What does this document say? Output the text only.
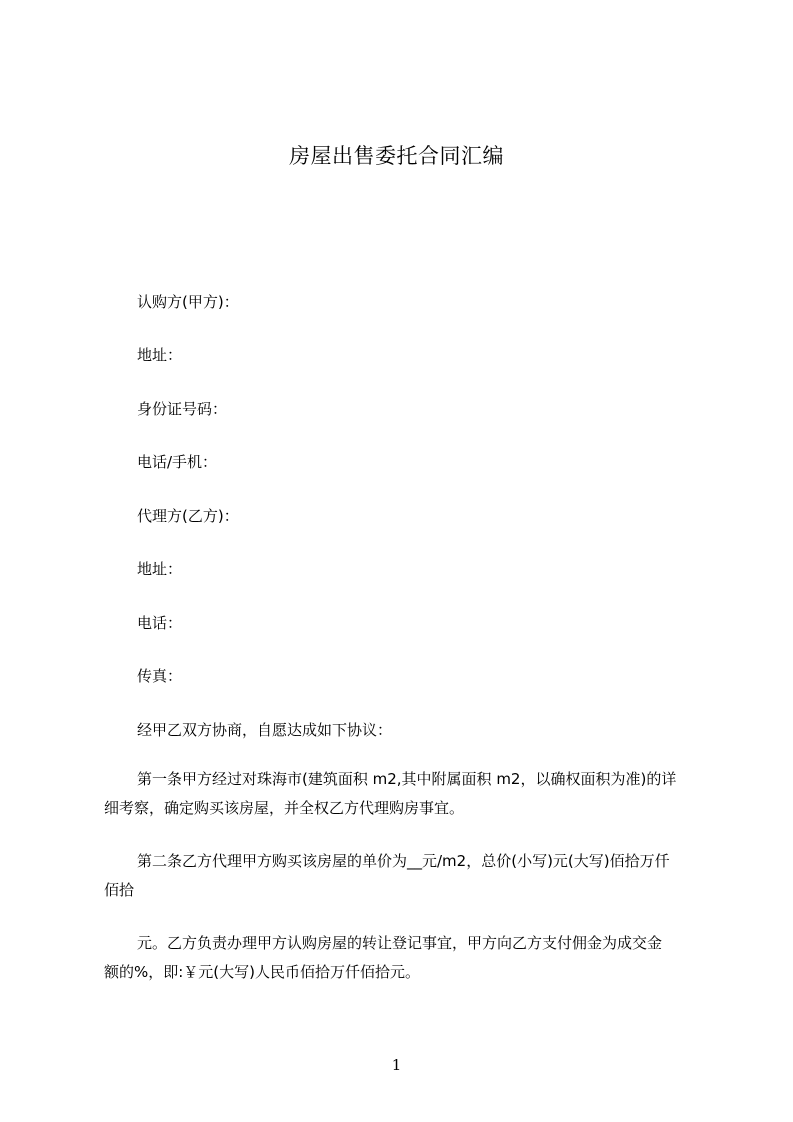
房屋出售委托合同汇编
认购方(甲方)：
地址：
身份证号码：
电话/手机：
代理方(乙方)：
地址：
电话：
传真：
经甲乙双方协商，自愿达成如下协议：
第一条甲方经过对珠海市(建筑面积 m2,其中附属面积 m2，以确权面积为准)的详
细考察，确定购买该房屋，并全权乙方代理购房事宜。
第二条乙方代理甲方购买该房屋的单价为__元/m2，总价(小写)元(大写)佰拾万仟
佰拾
元。乙方负责办理甲方认购房屋的转让登记事宜，甲方向乙方支付佣金为成交金
额的%，即:￥元(大写)人民币佰拾万仟佰拾元。
1
